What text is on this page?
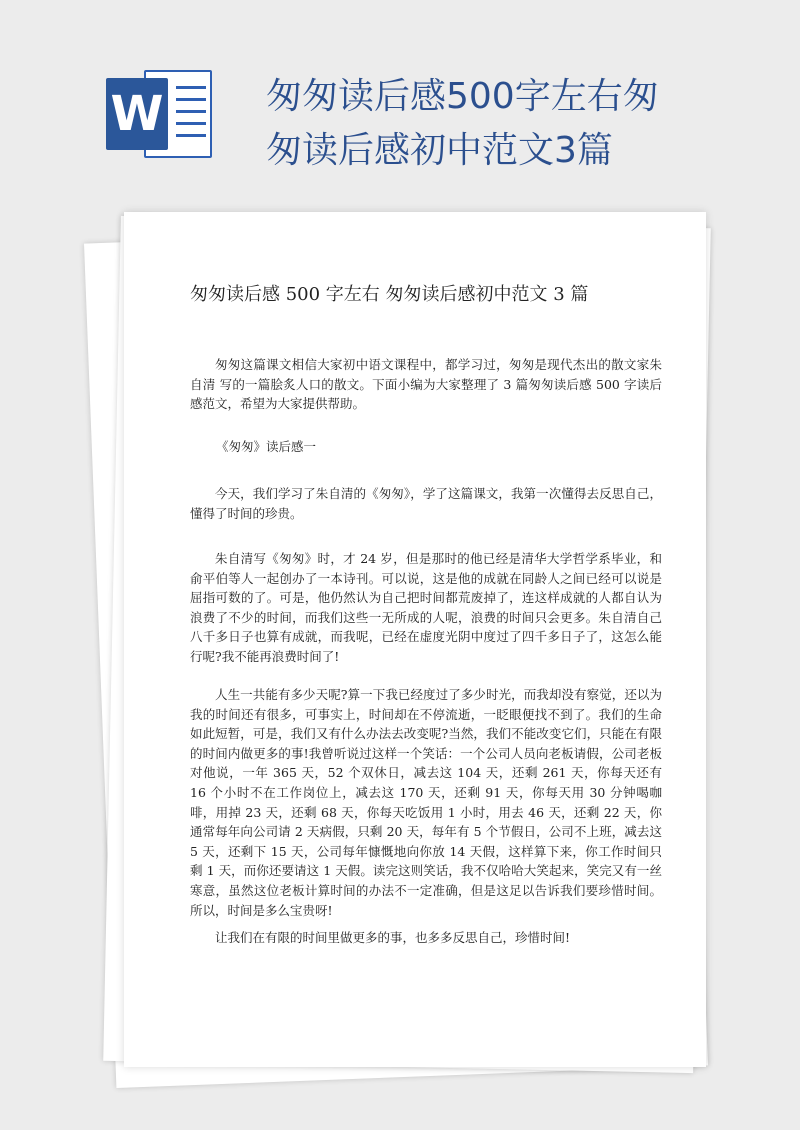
W	匆匆读后感500字左右匆匆读后感初中范文3篇
匆匆读后感 500 字左右 匆匆读后感初中范文 3 篇
匆匆这篇课文相信大家初中语文课程中，都学习过，匆匆是现代杰出的散文家朱自清 写的一篇脍炙人口的散文。下面小编为大家整理了 3 篇匆匆读后感 500 字读后感范文，希望为大家提供帮助。
《匆匆》读后感一
今天，我们学习了朱自清的《匆匆》，学了这篇课文，我第一次懂得去反思自己，懂得了时间的珍贵。
朱自清写《匆匆》时，才 24 岁，但是那时的他已经是清华大学哲学系毕业，和俞平伯等人一起创办了一本诗刊。可以说，这是他的成就在同龄人之间已经可以说是屈指可数的了。可是，他仍然认为自己把时间都荒废掉了，连这样成就的人都自认为浪费了不少的时间，而我们这些一无所成的人呢，浪费的时间只会更多。朱自清自己八千多日子也算有成就，而我呢，已经在虚度光阴中度过了四千多日子了，这怎么能行呢?我不能再浪费时间了!
人生一共能有多少天呢?算一下我已经度过了多少时光，而我却没有察觉，还以为我的时间还有很多，可事实上，时间却在不停流逝，一眨眼便找不到了。我们的生命如此短暂，可是，我们又有什么办法去改变呢?当然，我们不能改变它们，只能在有限的时间内做更多的事!我曾听说过这样一个笑话：一个公司人员向老板请假，公司老板对他说，一年 365 天，52 个双休日，减去这 104 天，还剩 261 天，你每天还有 16 个小时不在工作岗位上，减去这 170 天，还剩 91 天，你每天用 30 分钟喝咖啡，用掉 23 天，还剩 68 天，你每天吃饭用 1 小时，用去 46 天，还剩 22 天，你通常每年向公司请 2 天病假，只剩 20 天，每年有 5 个节假日，公司不上班，减去这 5 天，还剩下 15 天，公司每年慷慨地向你放 14 天假，这样算下来，你工作时间只剩 1 天，而你还要请这 1 天假。读完这则笑话，我不仅哈哈大笑起来，笑完又有一丝寒意，虽然这位老板计算时间的办法不一定准确，但是这足以告诉我们要珍惜时间。所以，时间是多么宝贵呀!
让我们在有限的时间里做更多的事，也多多反思自己，珍惜时间!
